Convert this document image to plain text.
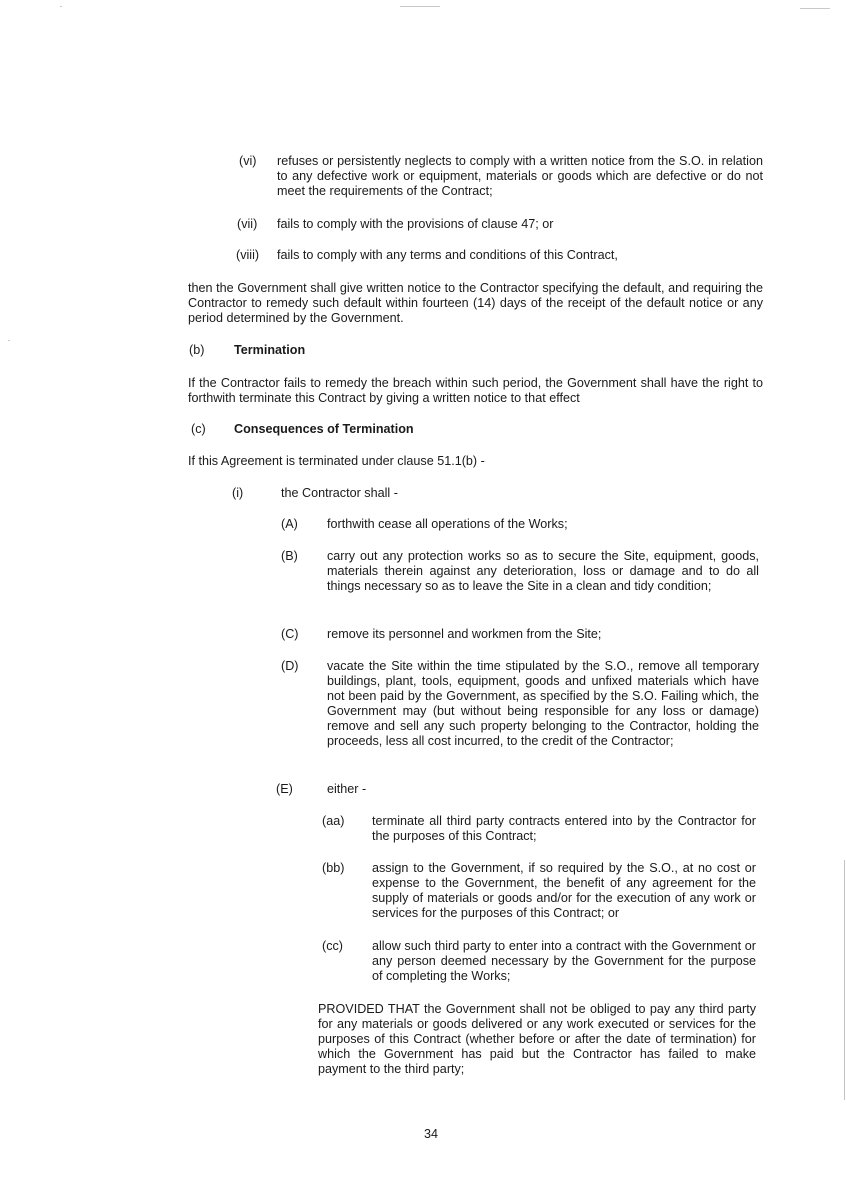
(vi) refuses or persistently neglects to comply with a written notice from the S.O. in relation to any defective work or equipment, materials or goods which are defective or do not meet the requirements of the Contract;
(vii) fails to comply with the provisions of clause 47; or
(viii) fails to comply with any terms and conditions of this Contract,
then the Government shall give written notice to the Contractor specifying the default, and requiring the Contractor to remedy such default within fourteen (14) days of the receipt of the default notice or any period determined by the Government.
(b) Termination
If the Contractor fails to remedy the breach within such period, the Government shall have the right to forthwith terminate this Contract by giving a written notice to that effect
(c) Consequences of Termination
If this Agreement is terminated under clause 51.1(b) -
(i)	the Contractor shall -
(A) forthwith cease all operations of the Works;
(B) carry out any protection works so as to secure the Site, equipment, goods, materials therein against any deterioration, loss or damage and to do all things necessary so as to leave the Site in a clean and tidy condition;
(C) remove its personnel and workmen from the Site;
(D) vacate the Site within the time stipulated by the S.O., remove all temporary buildings, plant, tools, equipment, goods and unfixed materials which have not been paid by the Government, as specified by the S.O. Failing which, the Government may (but without being responsible for any loss or damage) remove and sell any such property belonging to the Contractor, holding the proceeds, less all cost incurred, to the credit of the Contractor;
(E)	either -
(aa) terminate all third party contracts entered into by the Contractor for the purposes of this Contract;
(bb) assign to the Government, if so required by the S.O., at no cost or expense to the Government, the benefit of any agreement for the supply of materials or goods and/or for the execution of any work or services for the purposes of this Contract; or
(cc) allow such third party to enter into a contract with the Government or any person deemed necessary by the Government for the purpose of completing the Works;
PROVIDED THAT the Government shall not be obliged to pay any third party for any materials or goods delivered or any work executed or services for the purposes of this Contract (whether before or after the date of termination) for which the Government has paid but the Contractor has failed to make payment to the third party;
34
